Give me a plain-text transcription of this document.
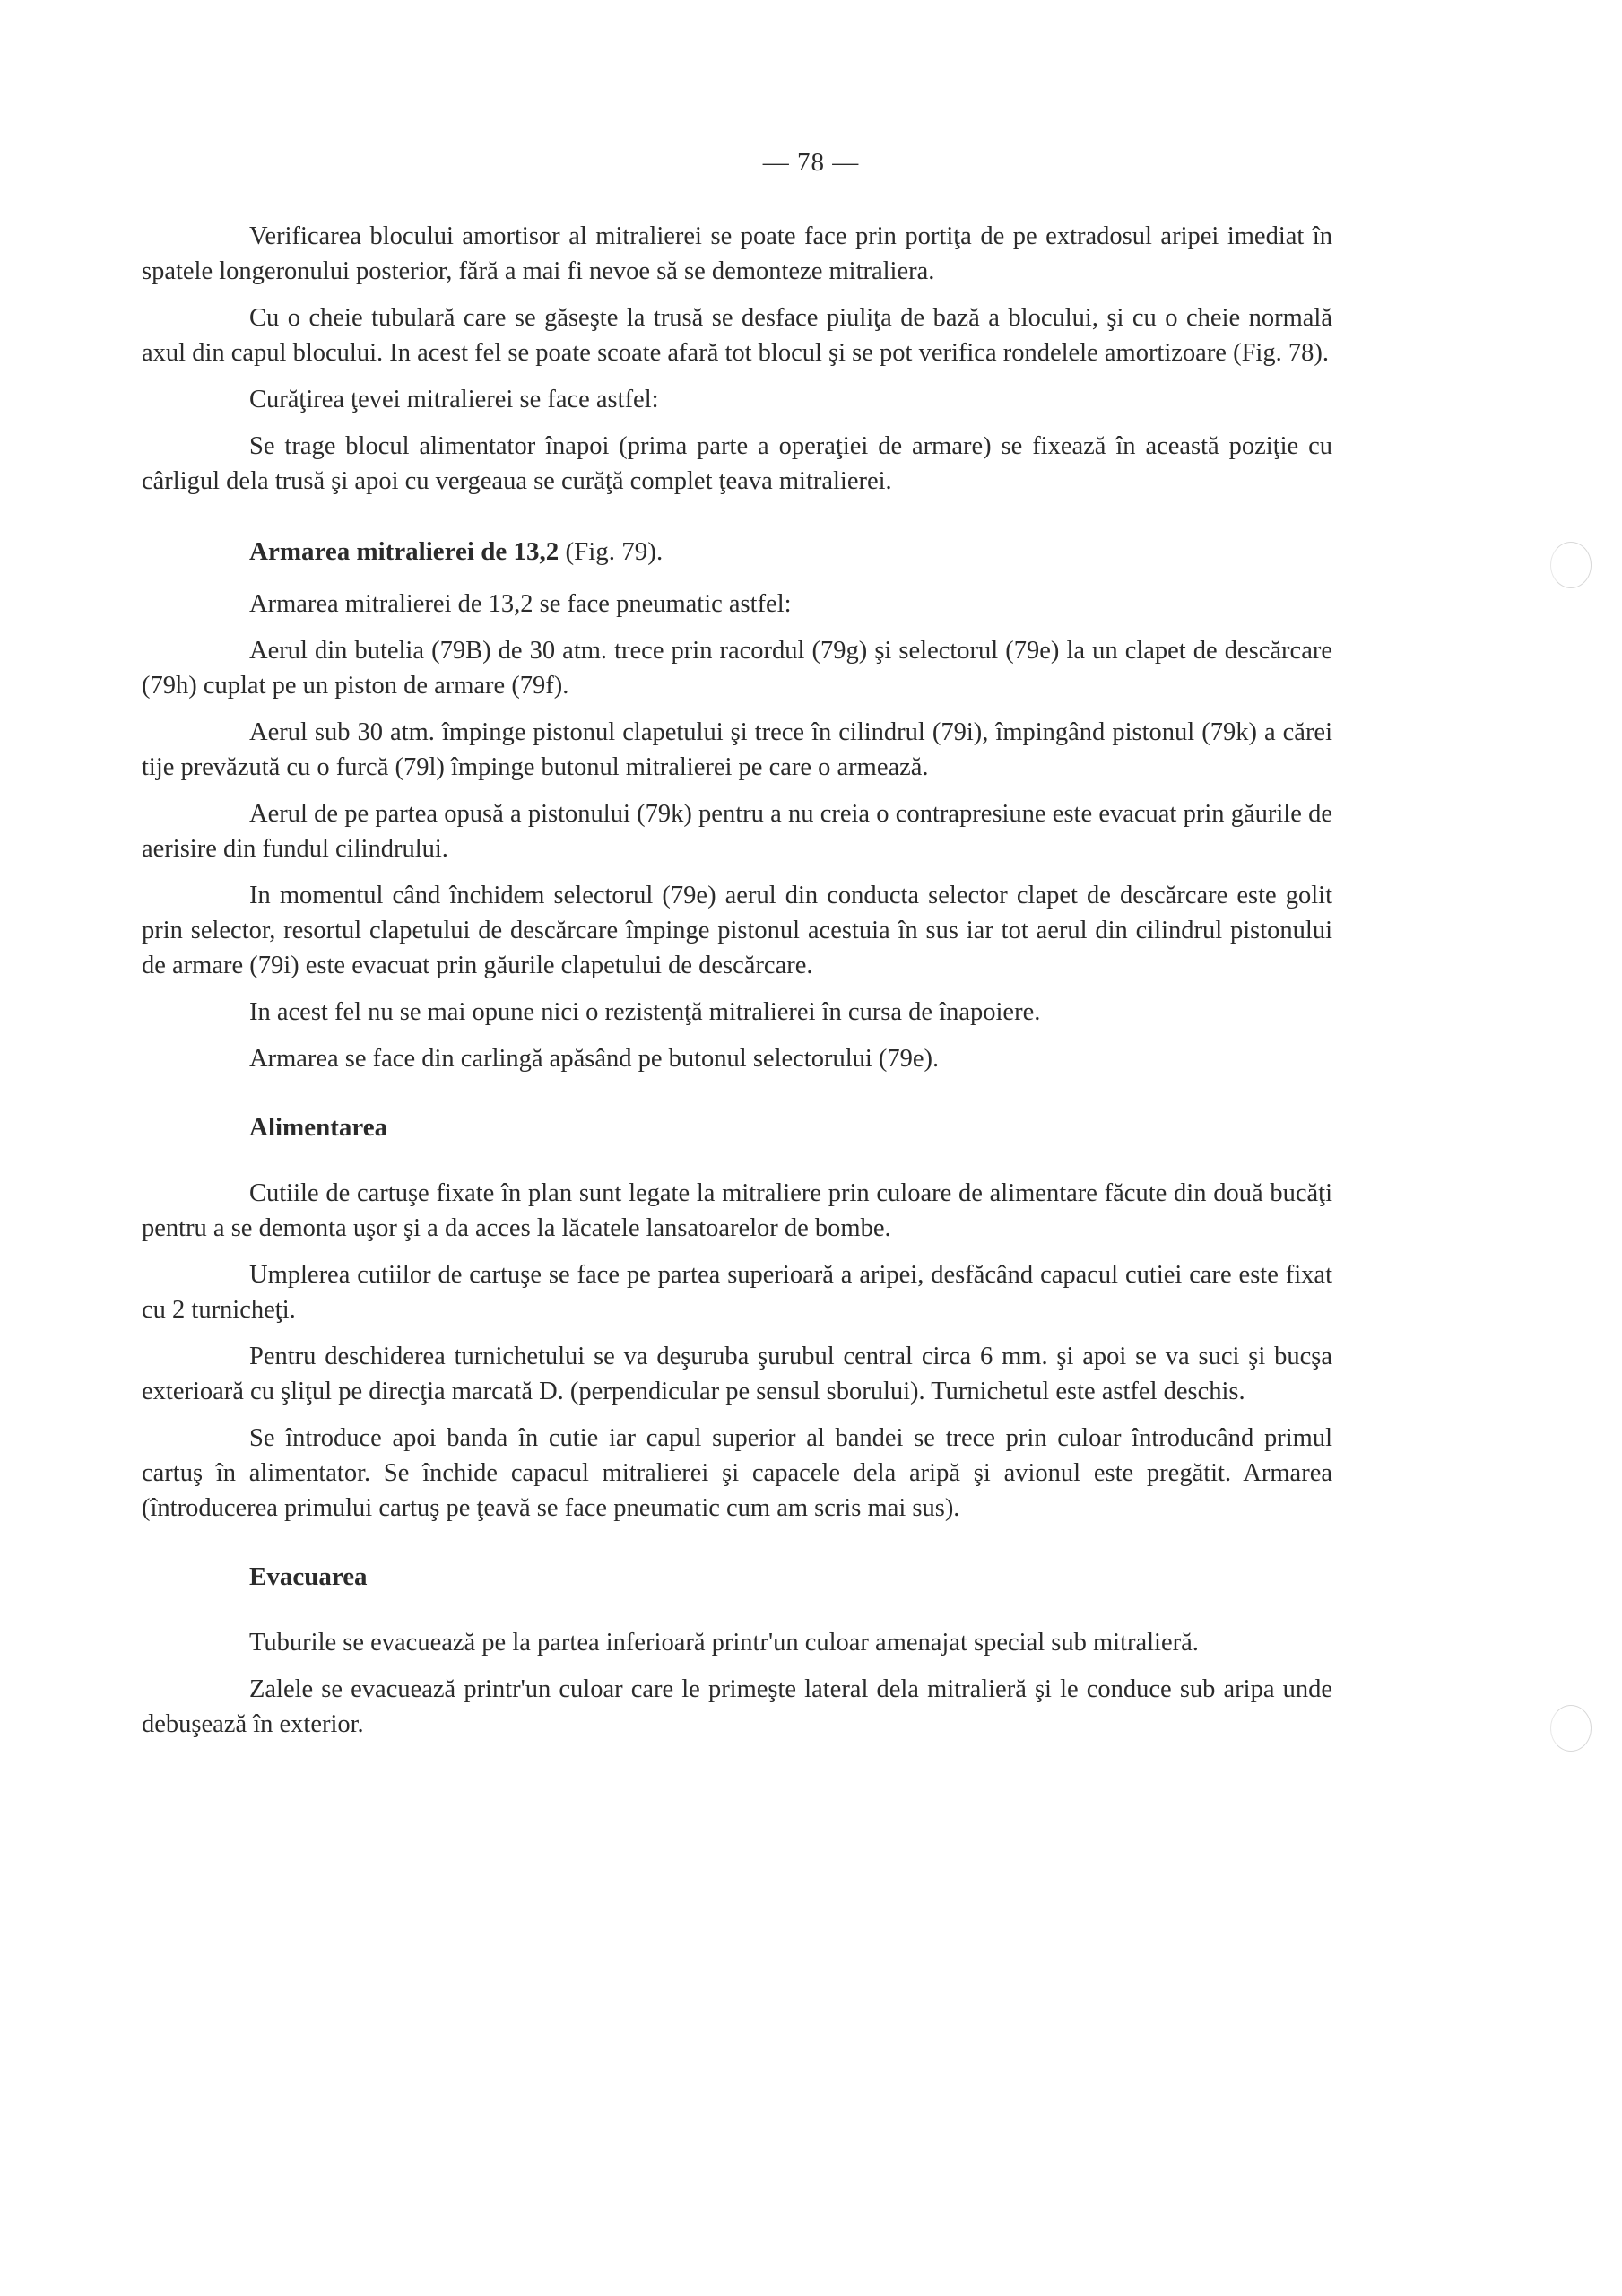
— 78 —

Verificarea blocului amortisor al mitralierei se poate face prin portiţa de pe extradosul aripei imediat în spatele longeronului posterior, fără a mai fi nevoe să se demonteze mitraliera.

Cu o cheie tubulară care se găseşte la trusă se desface piuliţa de bază a blocului, şi cu o cheie normală axul din capul blocului. In acest fel se poate scoate afară tot blocul şi se pot verifica rondelele amortizoare (Fig. 78).

Curăţirea ţevei mitralierei se face astfel:

Se trage blocul alimentator înapoi (prima parte a operaţiei de armare) se fixează în această poziţie cu cârligul dela trusă şi apoi cu vergeaua se curăţă complet ţeava mitralierei.

Armarea mitralierei de 13,2 (Fig. 79).

Armarea mitralierei de 13,2 se face pneumatic astfel:

Aerul din butelia (79B) de 30 atm. trece prin racordul (79g) şi selectorul (79e) la un clapet de descărcare (79h) cuplat pe un piston de armare (79f).

Aerul sub 30 atm. împinge pistonul clapetului şi trece în cilindrul (79i), împingând pistonul (79k) a cărei tije prevăzută cu o furcă (79l) împinge butonul mitralierei pe care o armează.

Aerul de pe partea opusă a pistonului (79k) pentru a nu creia o contrapresiune este evacuat prin găurile de aerisire din fundul cilindrului.

In momentul când închidem selectorul (79e) aerul din conducta selector clapet de descărcare este golit prin selector, resortul clapetului de descărcare împinge pistonul acestuia în sus iar tot aerul din cilindrul pistonului de armare (79i) este evacuat prin găurile clapetului de descărcare.

In acest fel nu se mai opune nici o rezistenţă mitralierei în cursa de înapoiere.

Armarea se face din carlingă apăsând pe butonul selectorului (79e).

Alimentarea

Cutiile de cartuşe fixate în plan sunt legate la mitraliere prin culoare de alimentare făcute din două bucăţi pentru a se demonta uşor şi a da acces la lăcatele lansatoarelor de bombe.

Umplerea cutiilor de cartuşe se face pe partea superioară a aripei, desfăcând capacul cutiei care este fixat cu 2 turnicheţi.

Pentru deschiderea turnichetului se va deşuruba şurubul central circa 6 mm. şi apoi se va suci şi bucşa exterioară cu şliţul pe direcţia marcată D. (perpendicular pe sensul sborului). Turnichetul este astfel deschis.

Se întroduce apoi banda în cutie iar capul superior al bandei se trece prin culoar întroducând primul cartuş în alimentator. Se închide capacul mitralierei şi capacele dela aripă şi avionul este pregătit. Armarea (întroducerea primului cartuş pe ţeavă se face pneumatic cum am scris mai sus).

Evacuarea

Tuburile se evacuează pe la partea inferioară printr'un culoar amenajat special sub mitralieră.

Zalele se evacuează printr'un culoar care le primeşte lateral dela mitralieră şi le conduce sub aripa unde debuşează în exterior.
